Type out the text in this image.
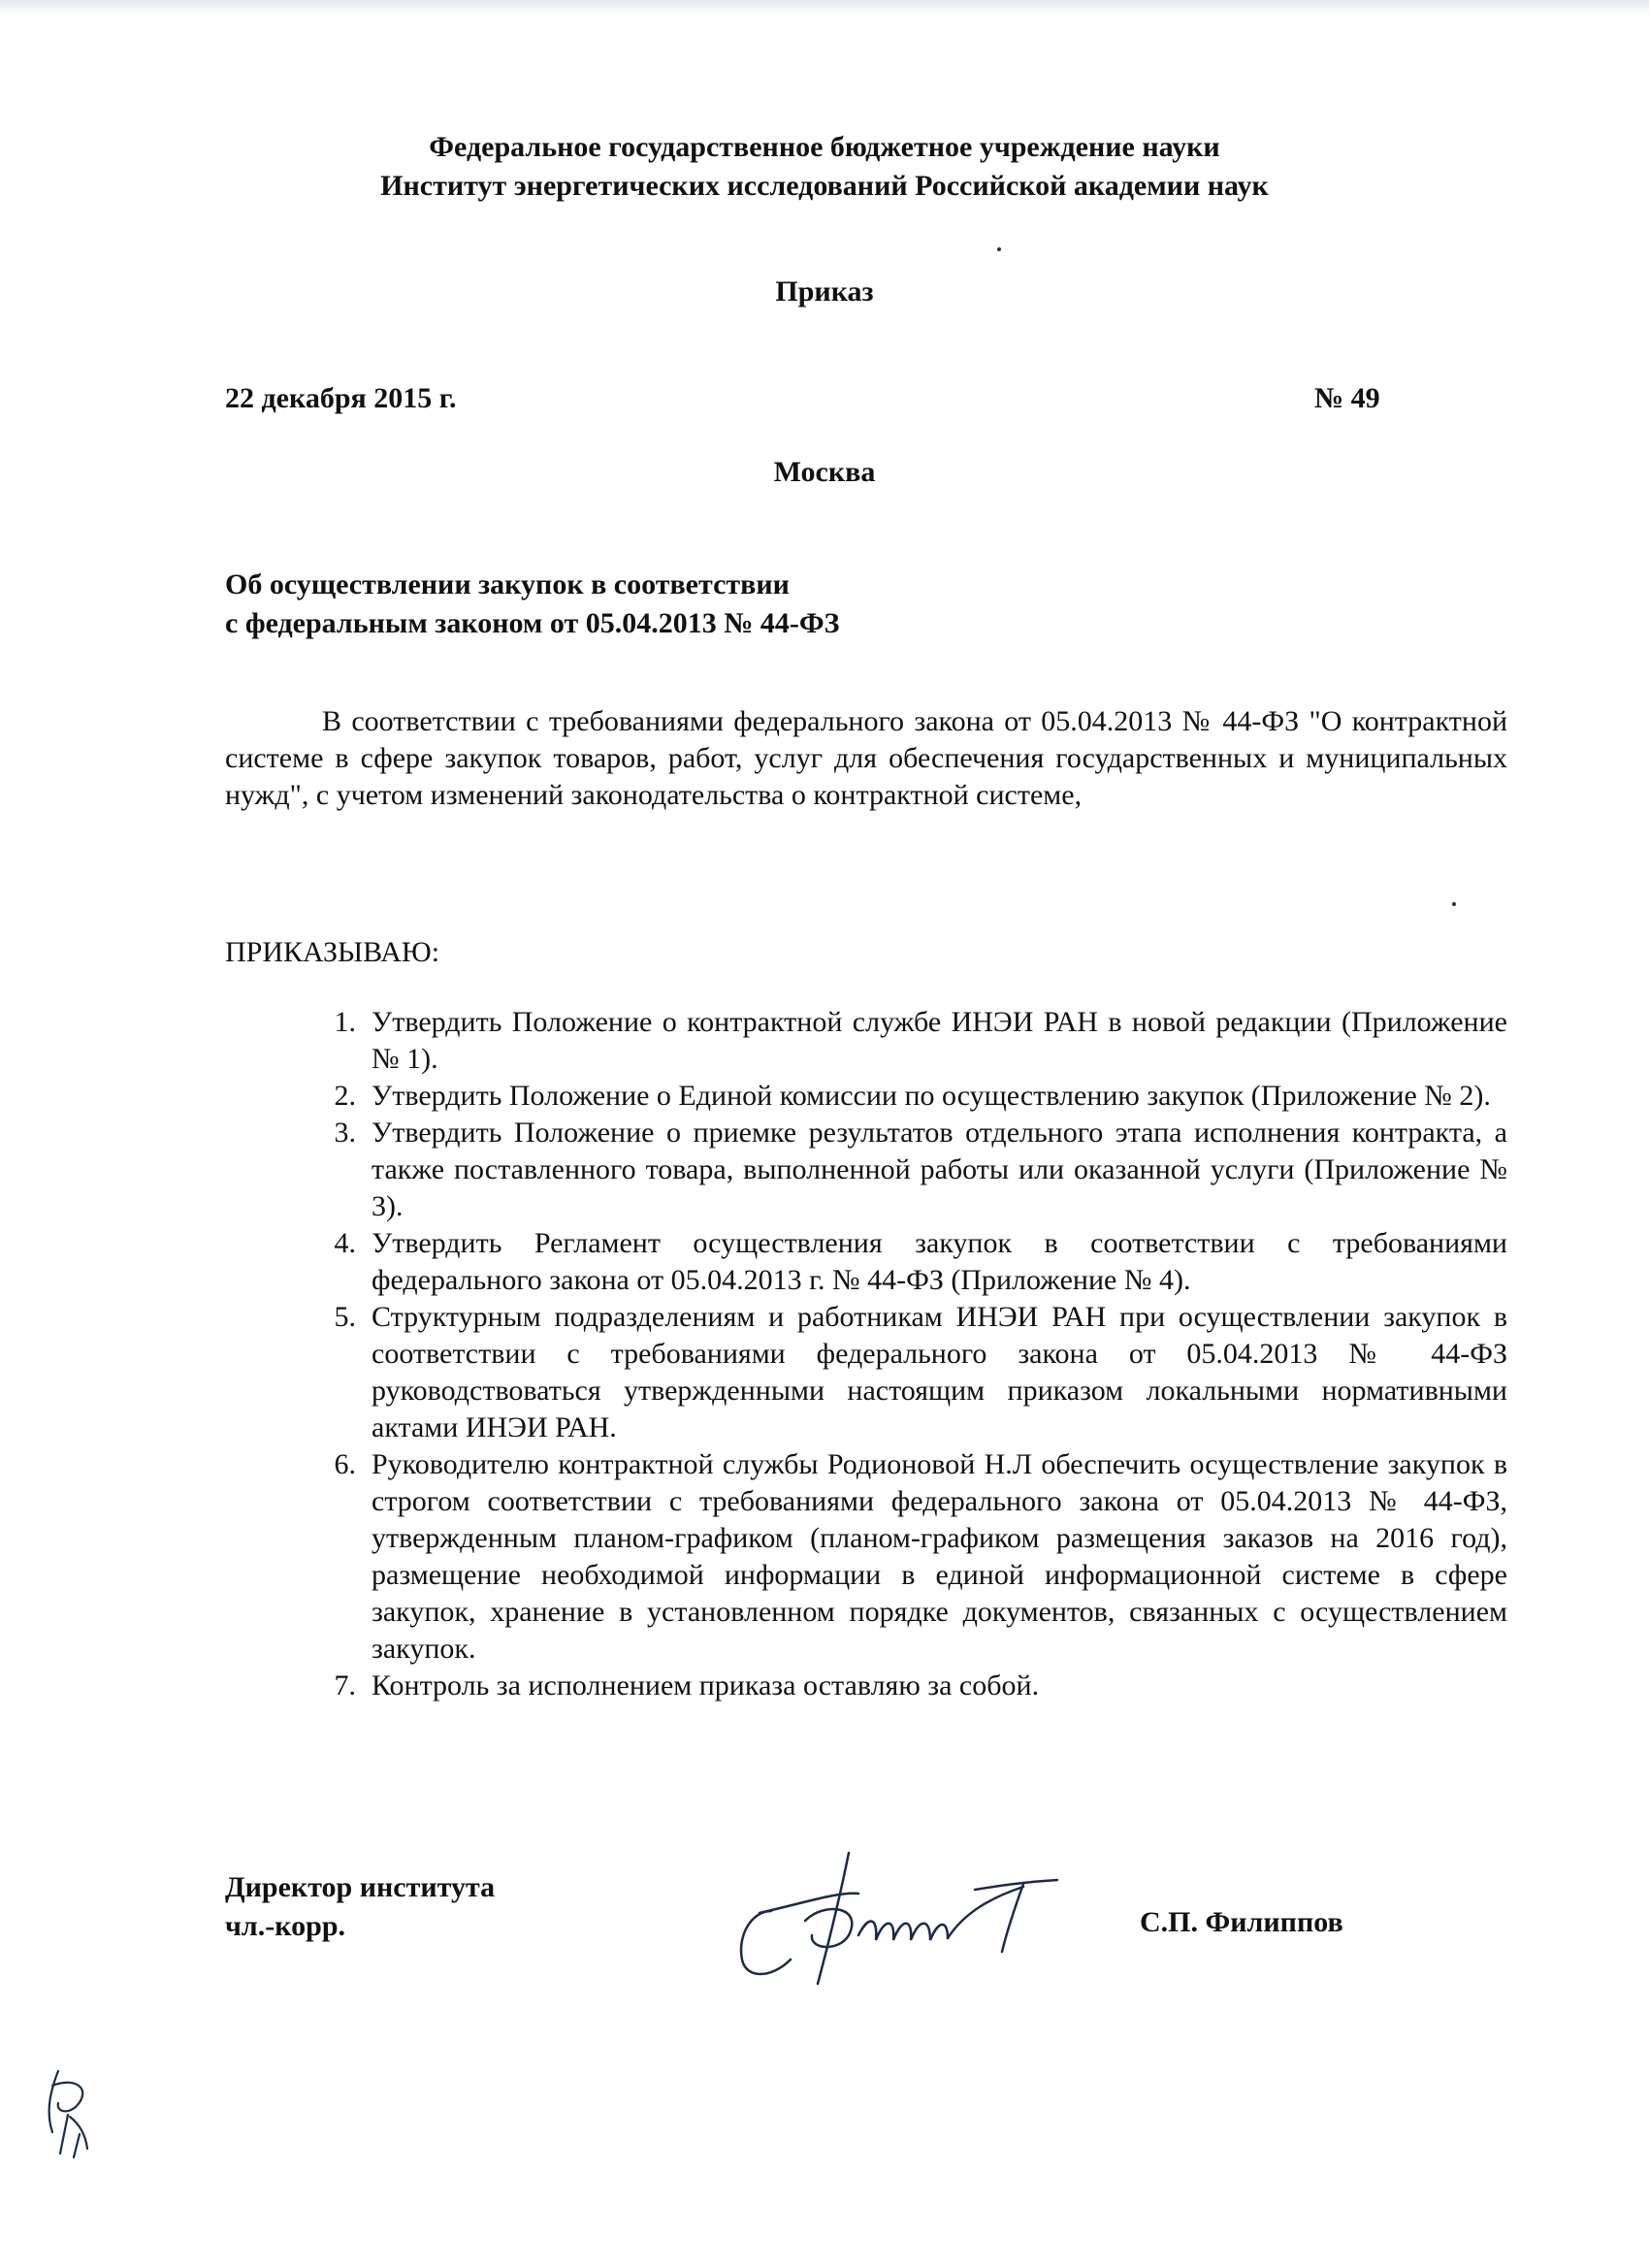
Федеральное государственное бюджетное учреждение науки
Институт энергетических исследований Российской академии наук
Приказ
22 декабря 2015 г.	№ 49
Москва
Об осуществлении закупок в соответствии
с федеральным законом от 05.04.2013 № 44-ФЗ

В соответствии с требованиями федерального закона от 05.04.2013 № 44-ФЗ "О контрактной системе в сфере закупок товаров, работ, услуг для обеспечения государственных и муниципальных нужд", с учетом изменений законодательства о контрактной системе,

ПРИКАЗЫВАЮ:
1. Утвердить Положение о контрактной службе ИНЭИ РАН в новой редакции (Приложение № 1).
2. Утвердить Положение о Единой комиссии по осуществлению закупок (Приложение № 2).
3. Утвердить Положение о приемке результатов отдельного этапа исполнения контракта, а также поставленного товара, выполненной работы или оказанной услуги (Приложение № 3).
4. Утвердить Регламент осуществления закупок в соответствии с требованиями федерального закона от 05.04.2013 г. № 44-ФЗ (Приложение № 4).
5. Структурным подразделениям и работникам ИНЭИ РАН при осуществлении закупок в соответствии с требованиями федерального закона от 05.04.2013 № 44-ФЗ руководствоваться утвержденными настоящим приказом локальными нормативными актами ИНЭИ РАН.
6. Руководителю контрактной службы Родионовой Н.Л обеспечить осуществление закупок в строгом соответствии с требованиями федерального закона от 05.04.2013 № 44-ФЗ, утвержденным планом-графиком (планом-графиком размещения заказов на 2016 год), размещение необходимой информации в единой информационной системе в сфере закупок, хранение в установленном порядке документов, связанных с осуществлением закупок.
7. Контроль за исполнением приказа оставляю за собой.
Директор института
чл.-корр.	С.П. Филиппов
